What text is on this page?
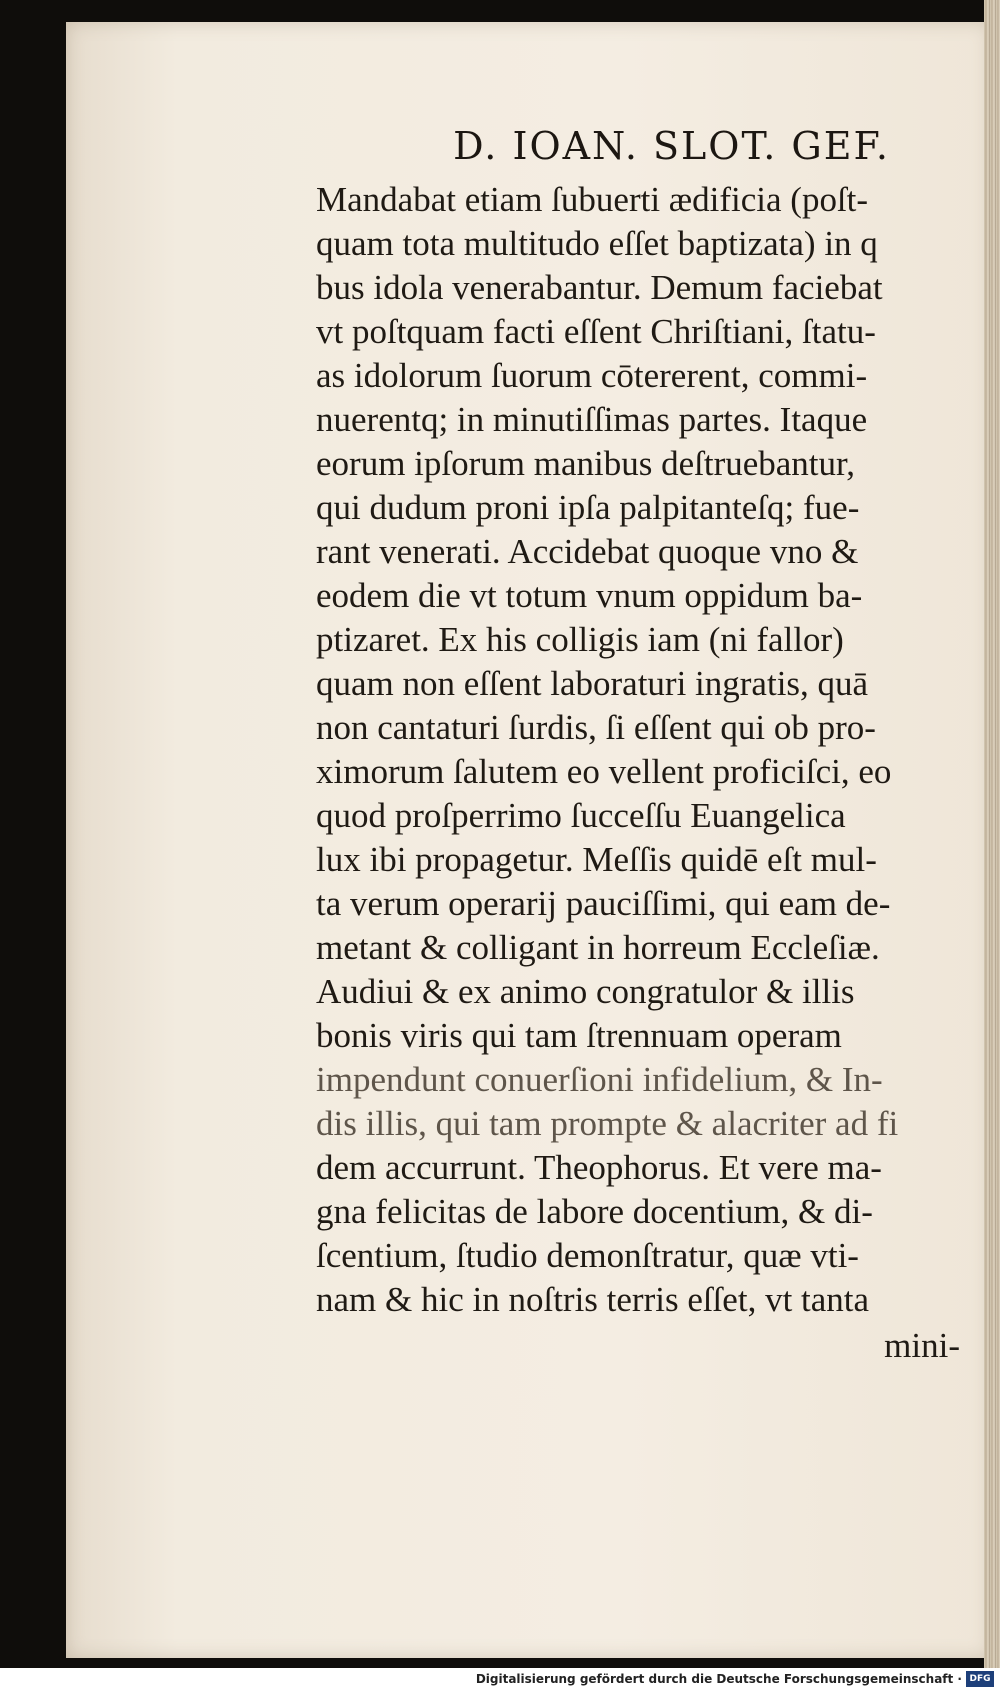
D. IOAN. SLOT. GEF.
Mandabat etiam ſubuerti ædificia (poſt-
quam tota multitudo eſſet baptizata) in q
bus idola venerabantur. Demum faciebat
vt poſtquam facti eſſent Chriſtiani, ſtatu-
as idolorum ſuorum cōtererent, commi-
nuerentq; in minutiſſimas partes. Itaque
eorum ipſorum manibus deſtruebantur,
qui dudum proni ipſa palpitanteſq; fue-
rant venerati. Accidebat quoque vno &
eodem die vt totum vnum oppidum ba-
ptizaret. Ex his colligis iam (ni fallor)
quam non eſſent laboraturi ingratis, quā
non cantaturi ſurdis, ſi eſſent qui ob pro-
ximorum ſalutem eo vellent proficiſci, eo
quod proſperrimo ſucceſſu Euangelica
lux ibi propagetur. Meſſis quidē eſt mul-
ta verum operarij pauciſſimi, qui eam de-
metant & colligant in horreum Eccleſiæ.
Audiui & ex animo congratulor & illis
bonis viris qui tam ſtrennuam operam
impendunt conuerſioni infidelium, & In-
dis illis, qui tam prompte & alacriter ad fi
dem accurrunt. Theophorus. Et vere ma-
gna felicitas de labore docentium, & di-
ſcentium, ſtudio demonſtratur, quæ vti-
nam & hic in noſtris terris eſſet, vt tanta
mini-
Digitalisierung gefördert durch die Deutsche Forschungsgemeinschaft · DFG
